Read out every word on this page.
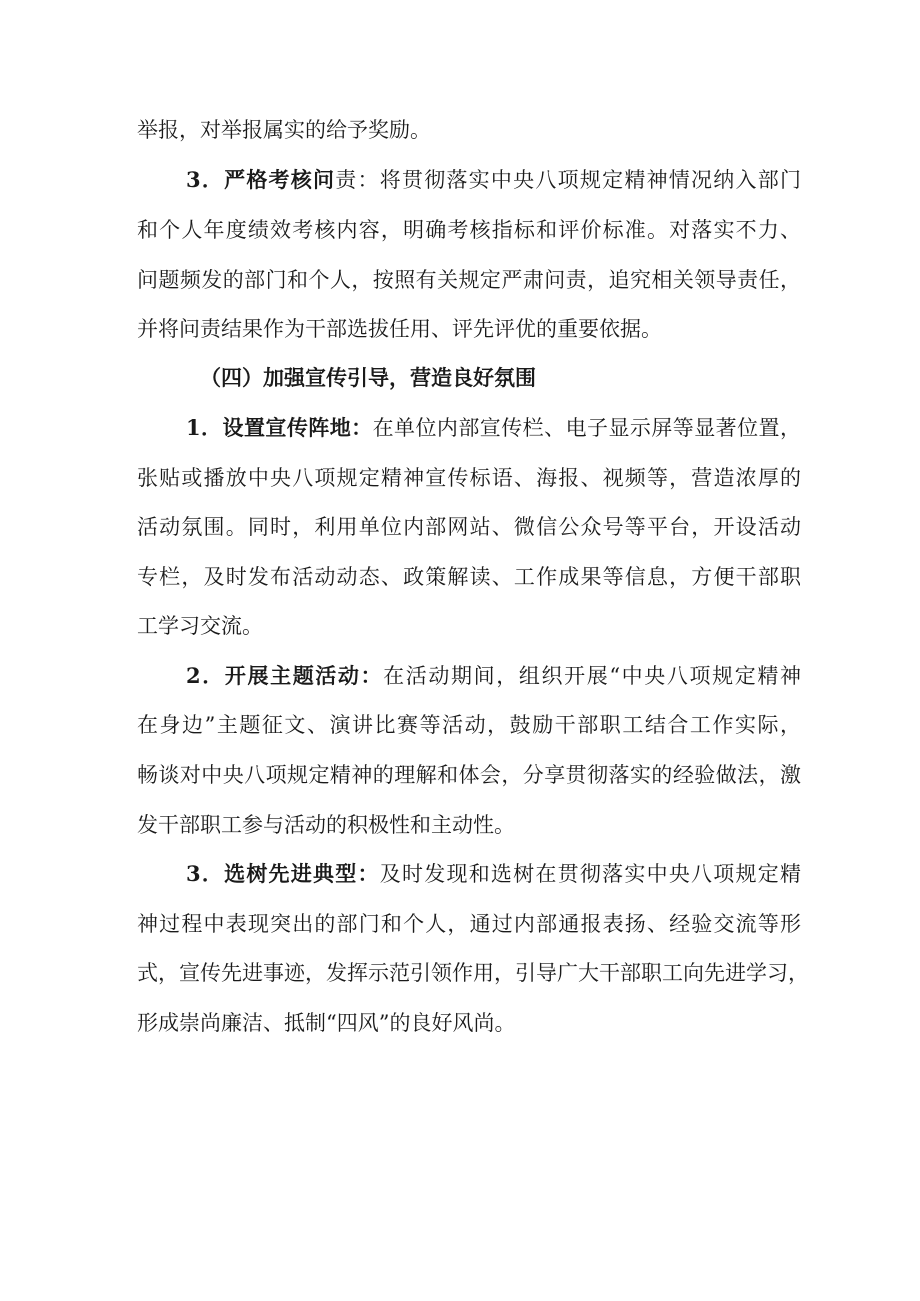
举报，对举报属实的给予奖励。
3．严格考核问责：将贯彻落实中央八项规定精神情况纳入部门
和个人年度绩效考核内容，明确考核指标和评价标准。对落实不力、
问题频发的部门和个人，按照有关规定严肃问责，追究相关领导责任，
并将问责结果作为干部选拔任用、评先评优的重要依据。
（四）加强宣传引导，营造良好氛围
1．设置宣传阵地：在单位内部宣传栏、电子显示屏等显著位置，
张贴或播放中央八项规定精神宣传标语、海报、视频等，营造浓厚的
活动氛围。同时，利用单位内部网站、微信公众号等平台，开设活动
专栏，及时发布活动动态、政策解读、工作成果等信息，方便干部职
工学习交流。
2．开展主题活动：在活动期间，组织开展“中央八项规定精神
在身边”主题征文、演讲比赛等活动，鼓励干部职工结合工作实际，
畅谈对中央八项规定精神的理解和体会，分享贯彻落实的经验做法，激
发干部职工参与活动的积极性和主动性。
3．选树先进典型：及时发现和选树在贯彻落实中央八项规定精
神过程中表现突出的部门和个人，通过内部通报表扬、经验交流等形
式，宣传先进事迹，发挥示范引领作用，引导广大干部职工向先进学习，
形成崇尚廉洁、抵制“四风”的良好风尚。
